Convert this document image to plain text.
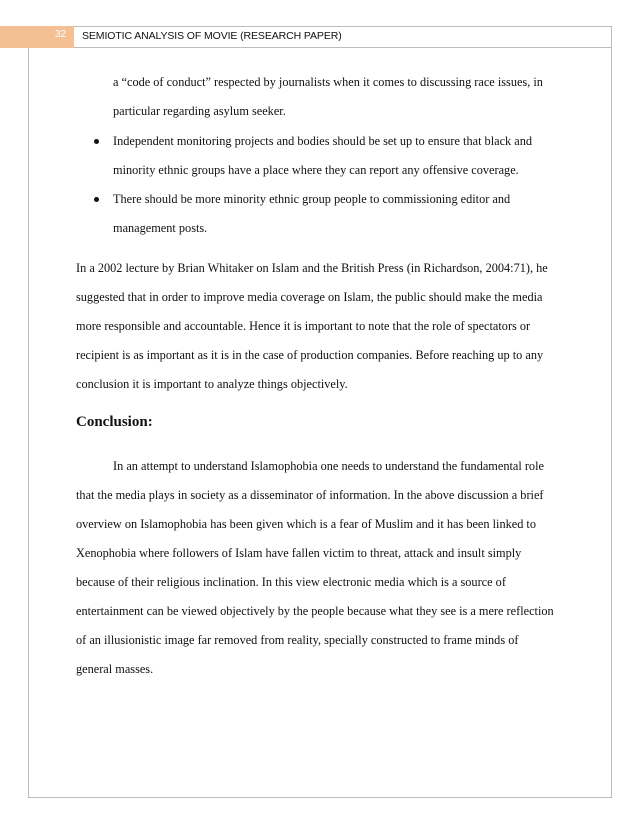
32 SEMIOTIC ANALYSIS OF MOVIE (RESEARCH PAPER)
a “code of conduct” respected by journalists when it comes to discussing race issues, in
particular regarding asylum seeker.
Independent monitoring projects and bodies should be set up to ensure that black and
minority ethnic groups have a place where they can report any offensive coverage.
There should be more minority ethnic group people to commissioning editor and
management posts.
In a 2002 lecture by Brian Whitaker on Islam and the British Press (in Richardson, 2004:71), he
suggested that in order to improve media coverage on Islam, the public should make the media
more responsible and accountable. Hence it is important to note that the role of spectators or
recipient is as important as it is in the case of production companies. Before reaching up to any
conclusion it is important to analyze things objectively.
Conclusion:
In an attempt to understand Islamophobia one needs to understand the fundamental role
that the media plays in society as a disseminator of information. In the above discussion a brief
overview on Islamophobia has been given which is a fear of Muslim and it has been linked to
Xenophobia where followers of Islam have fallen victim to threat, attack and insult simply
because of their religious inclination. In this view electronic media which is a source of
entertainment can be viewed objectively by the people because what they see is a mere reflection
of an illusionistic image far removed from reality, specially constructed to frame minds of
general masses.
